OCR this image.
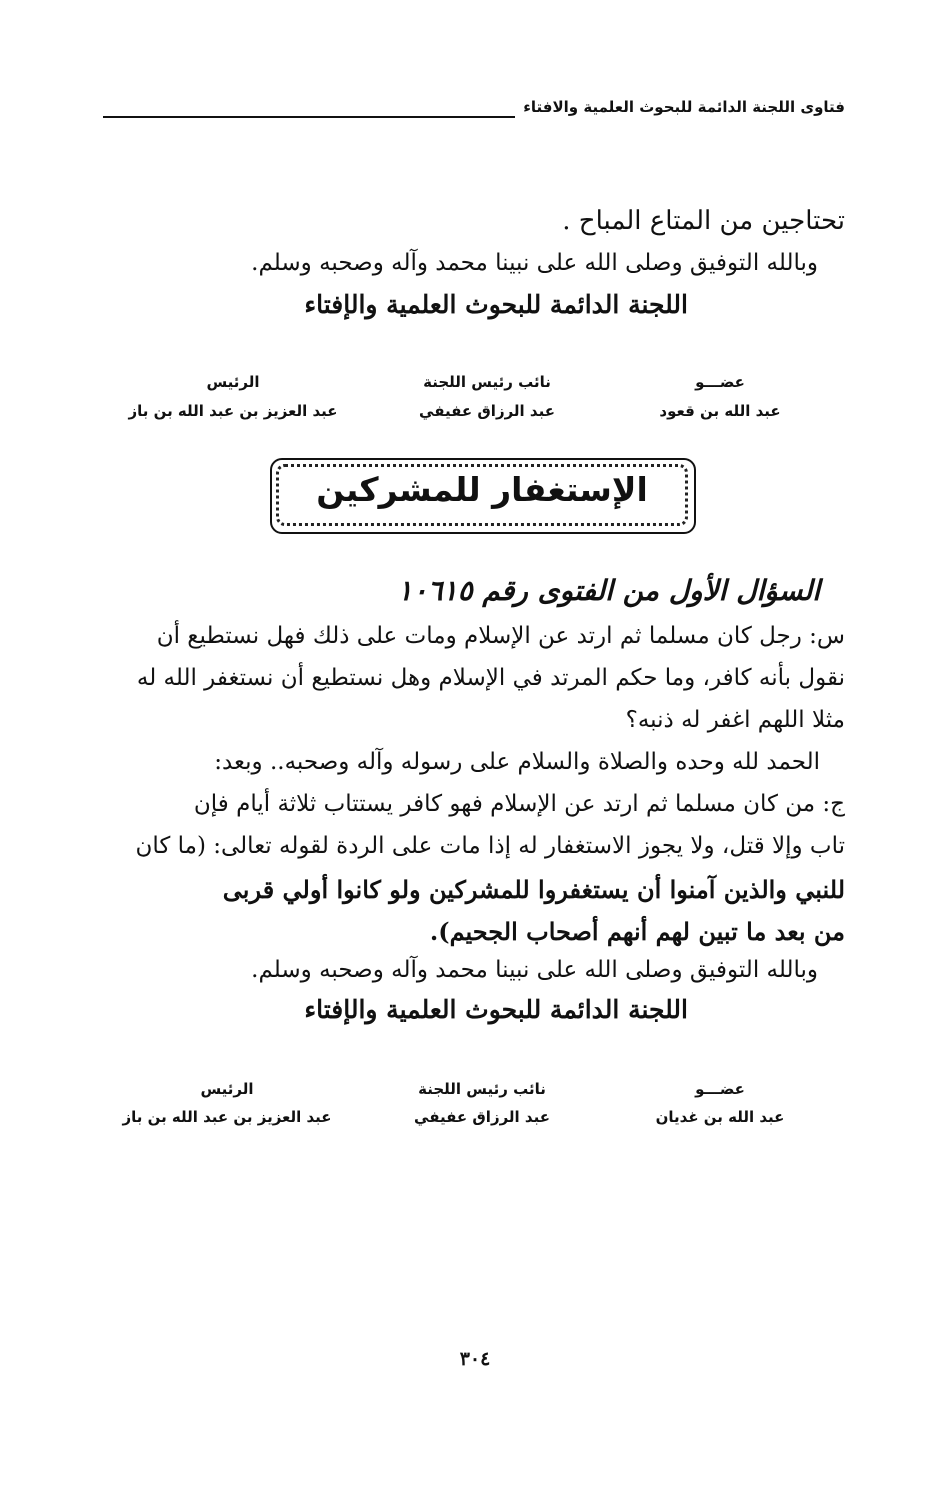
فتاوى اللجنة الدائمة للبحوث العلمية والافتاء
تحتاجين من المتاع المباح .
وبالله التوفيق وصلى الله على نبينا محمد وآله وصحبه وسلم.
اللجنة الدائمة للبحوث العلمية والإفتاء
عضـــو
عبد الله بن قعود
نائب رئيس اللجنة
عبد الرزاق عفيفي
الرئيس
عبد العزيز بن عبد الله بن باز
الإستغفار للمشركين
السؤال الأول من الفتوى رقم ١٠٦١٥
س: رجل كان مسلما ثم ارتد عن الإسلام ومات على ذلك فهل نستطيع أن
نقول بأنه كافر، وما حكم المرتد في الإسلام وهل نستطيع أن نستغفر الله له
مثلا اللهم اغفر له ذنبه؟
الحمد لله وحده والصلاة والسلام على رسوله وآله وصحبه.. وبعد:
ج: من كان مسلما ثم ارتد عن الإسلام فهو كافر يستتاب ثلاثة أيام فإن
تاب وإلا قتل، ولا يجوز الاستغفار له إذا مات على الردة لقوله تعالى: (ما كان
للنبي والذين آمنوا أن يستغفروا للمشركين ولو كانوا أولي قربى
من بعد ما تبين لهم أنهم أصحاب الجحيم).
وبالله التوفيق وصلى الله على نبينا محمد وآله وصحبه وسلم.
اللجنة الدائمة للبحوث العلمية والإفتاء
عضـــو
عبد الله بن غديان
نائب رئيس اللجنة
عبد الرزاق عفيفي
الرئيس
عبد العزيز بن عبد الله بن باز
٣٠٤
